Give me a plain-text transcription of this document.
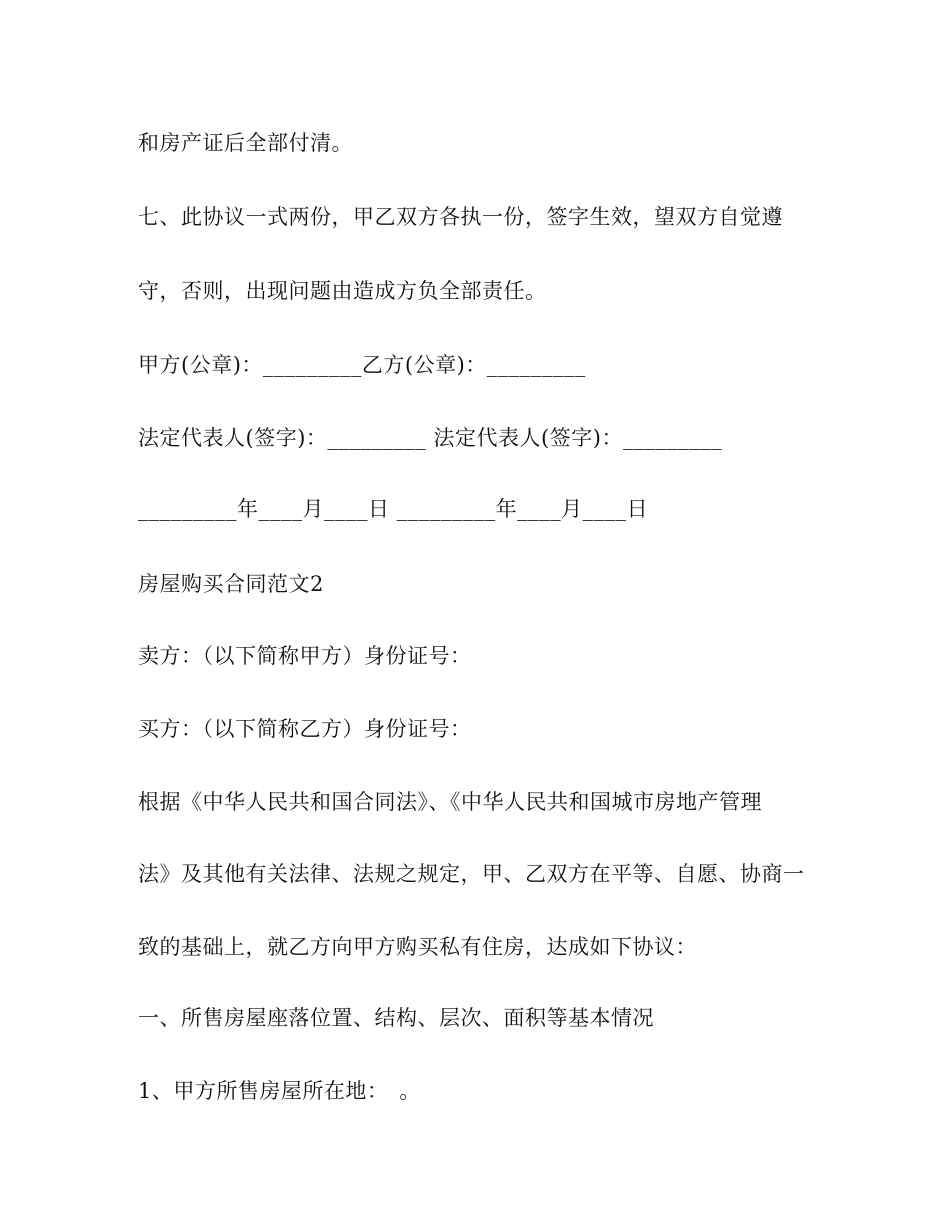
和房产证后全部付清。
七、此协议一式两份，甲乙双方各执一份，签字生效，望双方自觉遵
守，否则，出现问题由造成方负全部责任。
甲方(公章)：_________乙方(公章)：_________
法定代表人(签字)：_________ 法定代表人(签字)：_________
_________年____月____日 _________年____月____日
房屋购买合同范文2
卖方：（以下简称甲方）身份证号：
买方：（以下简称乙方）身份证号：
根据《中华人民共和国合同法》、《中华人民共和国城市房地产管理
法》及其他有关法律、法规之规定，甲、乙双方在平等、自愿、协商一
致的基础上，就乙方向甲方购买私有住房，达成如下协议：
一、所售房屋座落位置、结构、层次、面积等基本情况
1、甲方所售房屋所在地：　。
